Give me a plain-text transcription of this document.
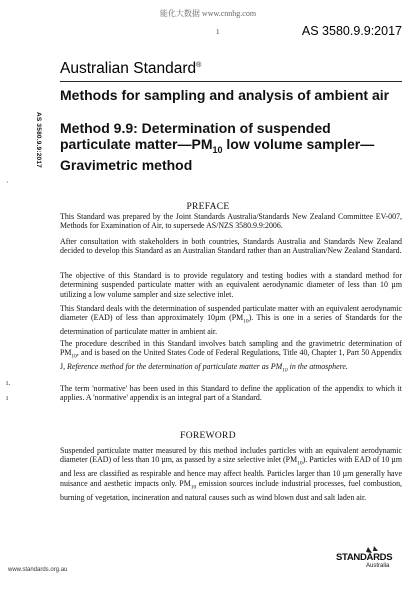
能化大数据 www.cnnhg.com
1	AS 3580.9.9:2017
Australian Standard®
AS 3580.9.9:2017
·
ı.
ı
Methods for sampling and analysis of ambient air
Method 9.9: Determination of suspended
particulate $matter—PM_{10}$ low volume sampler—
Gravimetric method
PREFACE
This Standard was prepared by the Joint Standards Australia/Standards New Zealand Committee EV-007, Methods for Examination of Air, to supersede AS/NZS 3580.9.9:2006.
After consultation with stakeholders in both countries, Standards Australia and Standards New Zealand decided to develop this Standard as an Australian Standard rather than an Australian/New Zealand Standard.
The objective of this Standard is to provide regulatory and testing bodies with a standard method for determining suspended particulate matter with an equivalent aerodynamic diameter of less than 10 µm utilizing a low volume sampler and size selective inlet.
This Standard deals with the determination of suspended particulate matter with an equivalent aerodynamic diameter (EAD) of less than approximately 10µm $(PM_{10})$. This is one in a series of Standards for the determination of particulate matter in ambient air.
The procedure described in this Standard involves batch sampling and the gravimetric determination of $PM_{10}$, and is based on the United States Code of Federal Regulations, Title 40, Chapter 1, Part 50 Appendix J, Reference method for the determination of particulate matter as $PM_{10}$ in the atmosphere.
The term 'normative' has been used in this Standard to define the application of the appendix to which it applies. A 'normative' appendix is an integral part of a Standard.
FOREWORD
Suspended particulate matter measured by this method includes particles with an equivalent aerodynamic diameter (EAD) of less than 10 µm, as passed by a size selective inlet $(PM_{10})$. Particles with EAD of 10 µm and less are classified as respirable and hence may affect health. Particles larger than 10 µm generally have nuisance and aesthetic impacts only. $PM_{10}$ emission sources include industrial processes, fuel combustion, burning of vegetation, incineration and natural causes such as wind blown dust and salt laden air.
www.standards.org.au
STANDARDS
Australia
